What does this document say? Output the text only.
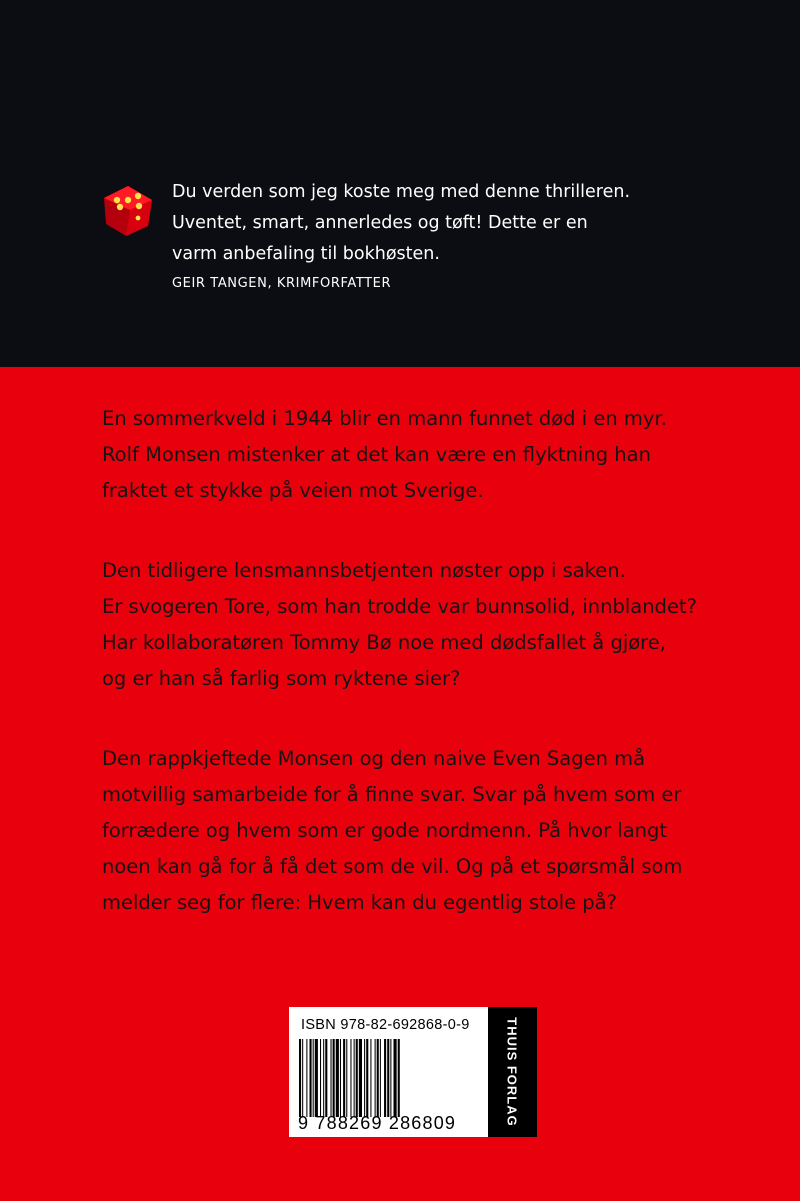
Du verden som jeg koste meg med denne thrilleren.
Uventet, smart, annerledes og tøft! Dette er en
varm anbefaling til bokhøsten.
GEIR TANGEN, KRIMFORFATTER
En sommerkveld i 1944 blir en mann funnet død i en myr.
Rolf Monsen mistenker at det kan være en flyktning han
fraktet et stykke på veien mot Sverige.
Den tidligere lensmannsbetjenten nøster opp i saken.
Er svogeren Tore, som han trodde var bunnsolid, innblandet?
Har kollaboratøren Tommy Bø noe med dødsfallet å gjøre,
og er han så farlig som ryktene sier?
Den rappkjeftede Monsen og den naive Even Sagen må
motvillig samarbeide for å finne svar. Svar på hvem som er
forrædere og hvem som er gode nordmenn. På hvor langt
noen kan gå for å få det som de vil. Og på et spørsmål som
melder seg for flere: Hvem kan du egentlig stole på?
ISBN 978-82-692868-0-9
9 788269 286809	THUIS FORLAG
